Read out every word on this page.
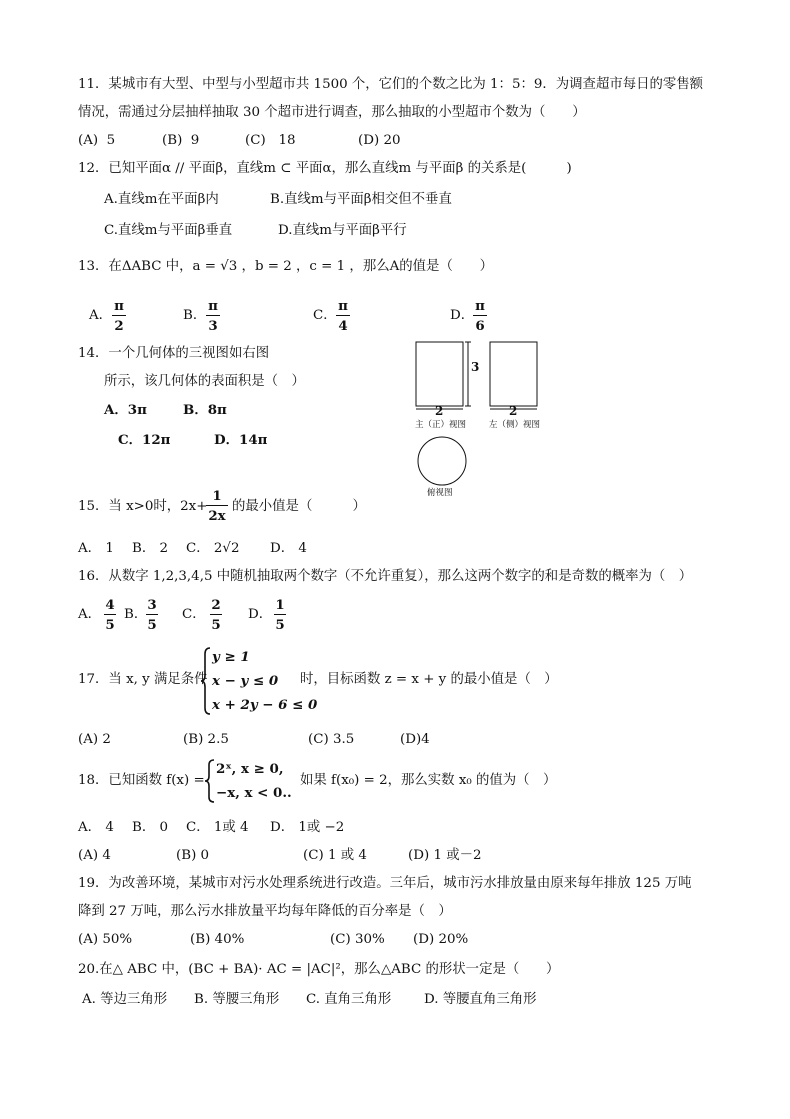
11．某城市有大型、中型与小型超市共 1500 个，它们的个数之比为 1：5：9．为调查超市每日的零售额
情况，需通过分层抽样抽取 30 个超市进行调查，那么抽取的小型超市个数为（　　）
(A)  5	(B)  9	(C)   18	(D) 20
12．已知平面α // 平面β，直线m ⊂ 平面α，那么直线m 与平面β 的关系是(　　　)
A.直线m在平面β内	B.直线m与平面β相交但不垂直
C.直线m与平面β垂直	D.直线m与平面β平行
13．在ΔABC 中，a = √3 ，b = 2 ，c = 1 ，那么A的值是（　　）
A．
π
2
B．
π
3
C．
π
4
D．
π
6
14．一个几何体的三视图如右图
所示，该几何体的表面积是（　）
A．3π	B．8π
C．12π	D．14π
3
2	2
主（正）视图	左（侧）视图
俯视图
15．当 x>0时，2x+
1
2x
的最小值是（　　　）
A． 1 B． 2 C． 2√2 D． 4
16．从数字 1,2,3,4,5 中随机抽取两个数字（不允许重复），那么这两个数字的和是奇数的概率为（　）
A．
4
5
B．
3
5
C．
2
5
D．
1
5
17．当 x, y 满足条件
y ≥ 1
x − y ≤ 0
x + 2y − 6 ≤ 0
时，目标函数 z = x + y 的最小值是（　）
(A) 2	(B) 2.5	(C) 3.5	(D)4
18．已知函数 f(x) =
2ˣ, x ≥ 0,
−x, x < 0..
如果 f(x₀) = 2，那么实数 x₀ 的值为（　）
A． 4 B． 0 C． 1或 4 D． 1或 −2
(A) 4	(B) 0	(C) 1 或 4	(D) 1 或－2
19．为改善环境，某城市对污水处理系统进行改造。三年后，城市污水排放量由原来每年排放 125 万吨
降到 27 万吨，那么污水排放量平均每年降低的百分率是（　）
(A) 50%	(B) 40%	(C) 30% (D) 20%
20.在△ ABC 中，(BC + BA)· AC = |AC|²，那么△ABC 的形状一定是（　　）
A. 等边三角形 B. 等腰三角形 C. 直角三角形 D. 等腰直角三角形
